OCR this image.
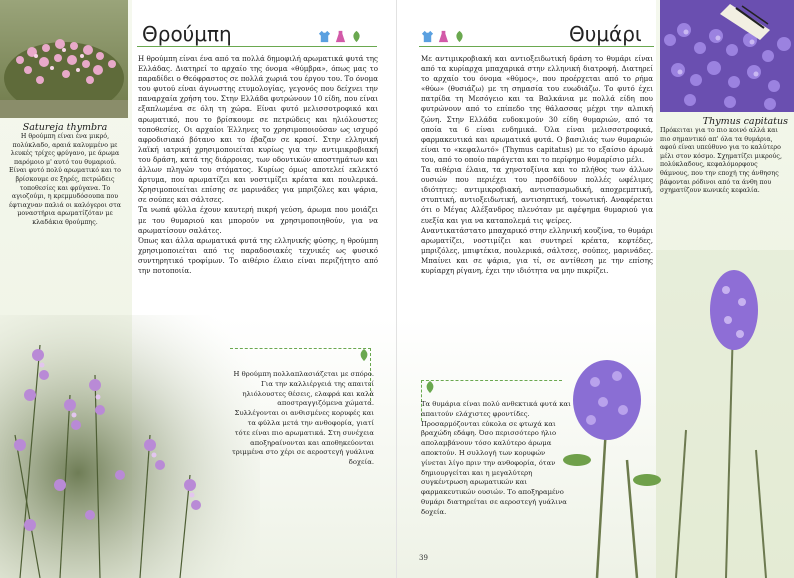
Satureja thymbra
Η θρούμπη είναι ένα μικρό, πολύκλαδο, αραιά καλυμμένο με λευκές τρίχες φρύγανο, με άρωμα παρόμοιο μ' αυτό του θυμαριού. Είναι φυτό πολύ αρωματικό και το βρίσκουμε σε ξηρές, πετρώδεις τοποθεσίες και φρύγανα. Το αγιοζούμι, η κρεμμυδόσουπα που έφτιαχναν παλιά οι καλόγεροι στα μοναστήρια αρωματίζόταν με κλαδάκια θρούμπης.
Θρούμπη

Η θρούμπη είναι ένα από τα πολλά δημοφιλή αρωματικά φυτά της Ελλάδας. Διατηρεί το αρχαίο της όνομα «θύμβρα», όπως μας το παραδίδει ο Θεόφραστος σε πολλά χωριά του έργου του. Το όνομα του φυτού είναι άγνωστης ετυμολογίας, γεγονός που δείχνει την παναρχαία χρήση του. Στην Ελλάδα φυτρώνουν 10 είδη, που είναι εξαπλωμένα σε όλη τη χώρα. Είναι φυτό μελισσοτροφικό και αρωματικό, που το βρίσκουμε σε πετρώδεις και ηλιόλουστες τοποθεσίες. Οι αρχαίοι Έλληνες το χρησιμοποιούσαν ως ισχυρό αφροδισιακό βότανο και το έβαζαν σε κρασί. Στην ελληνική λαϊκή ιατρική χρησιμοποιείται κυρίως για την αντιμικροβιακή του δράση, κατά της διάρροιας, των οδοντικών αποστημάτων και άλλων πληγών του στόματος. Κυρίως όμως αποτελεί εκλεκτό άρτυμα, που αρωματίζει και νοστιμίζει κρέατα και πουλερικά. Χρησιμοποιείται επίσης σε μαρινάδες για μπριζόλες και ψάρια, σε σούπες και σάλτσες.

Τα νωπά φύλλα έχουν καυτερή πικρή γεύση, άρωμα που μοιάζει με του θυμαριού και μπορούν να χρησιμοποιηθούν, για να αρωματίσουν σαλάτες.

Όπως και άλλα αρωματικά φυτά της ελληνικής φύσης, η θρούμπη χρησιμοποιείται από τις παραδοσιακές τεχνικές ως φυσικό συντηρητικό τροφίμων. Το αιθέριο έλαιο είναι περιζήτητο από την ποτοποιία.

Η θρούμπη πολλαπλασιάζεται με σπόρο. Για την καλλιέργειά της απαιτεί ηλιόλουστες θέσεις, ελαφρά και καλά αποστραγγιζόμενα χώματα. Συλλέγονται οι ανθισμένες κορυφές και τα φύλλα μετά την ανθοφορία, γιατί τότε είναι πιο αρωματικά. Στη συνέχεια αποξηραίνονται και αποθηκεύονται τριμμένα στο χέρι σε αεροστεγή γυάλινα δοχεία.
Θυμάρι

Με αντιμικροβιακή και αντιοξειδωτική δράση το θυμάρι είναι από τα κυρίαρχα μπαχαρικά στην ελληνική διατροφή. Διατηρεί το αρχαίο του όνομα «θύμος», που προέρχεται από το ρήμα «θύω» (θυσιάζω) με τη σημασία του ευωδιάζω. Το φυτό έχει πατρίδα τη Μεσόγειο και τα Βαλκάνια με πολλά είδη που φυτρώνουν από το επίπεδο της θάλασσας μέχρι την αλπική ζώνη. Στην Ελλάδα ευδοκιμούν 30 είδη θυμαριών, από τα οποία τα 6 είναι ενδημικά. Όλα είναι μελισσοτροφικά, φαρμακευτικά και αρωματικά φυτά. Ο βασιλιάς των θυμαριών είναι το «κεφαλωτό» (Thymus capitatus) με το εξαίσιο άρωμά του, από το οποίο παράγεται και το περίφημο θυμαρίσιο μέλι.

Τα αιθέρια έλαια, τα χηνοτοξίνια και το πλήθος των άλλων ουσιών που περιέχει του προσδίδουν πολλές ωφέλιμες ιδιότητες: αντιμικροβιακή, αντισπασμωδική, αποχρεμπτική, στυπτική, αντιοξειδωτική, αντισηπτική, τονωτική. Αναφέρεται ότι ο Μέγας Αλέξανδρος πλενόταν με αφέψημα θυμαριού για ευεξία και για να καταπολεμά τις ψείρες.

Αναντικατάστατο μπαχαρικό στην ελληνική κουζίνα, το θυμάρι αρωματίζει, νοστιμίζει και συντηρεί κρέατα, κεφτέδες, μπριζόλες, μπιφτέκια, πουλερικά, σάλτσες, σούπες, μαρινάδες. Μπαίνει και σε ψάρια, για τί, σε αντίθεση με την επίσης κυρίαρχη ρίγανη, έχει την ιδιότητα να μην πικρίζει.

Thymus capitatus
Πρόκειται για το πιο κοινό αλλά και πιο σημαντικό απ' όλα τα θυμάρια, αφού είναι υπεύθυνο για το καλύτερο μέλι στον κόσμο. Σχηματίζει μικρούς, πολύκλαδους, κεφαλόμορφους θάμνους, που την εποχή της άνθησης βάφονται ρόδινοι από τα άνθη που σχηματίζουν κωνικές κεφαλία.
Τα θυμάρια είναι πολύ ανθεκτικά φυτά και απαιτούν ελάχιστες φροντίδες. Προσαρμόζονται εύκολα σε φτωχά και βραχώδη εδάφη. Όσο περισσότερο ήλιο απολαμβάνουν τόσο καλύτερο άρωμα αποκτούν. Η συλλογή των κορυφών γίνεται λίγο πριν την ανθοφορία, όταν δημιουργείται και η μεγαλύτερη συγκέντρωση αρωματικών και φαρμακευτικών ουσιών. Το αποξηραμένο θυμάρι διατηρείται σε αεροστεγή γυάλινα δοχεία.
39
